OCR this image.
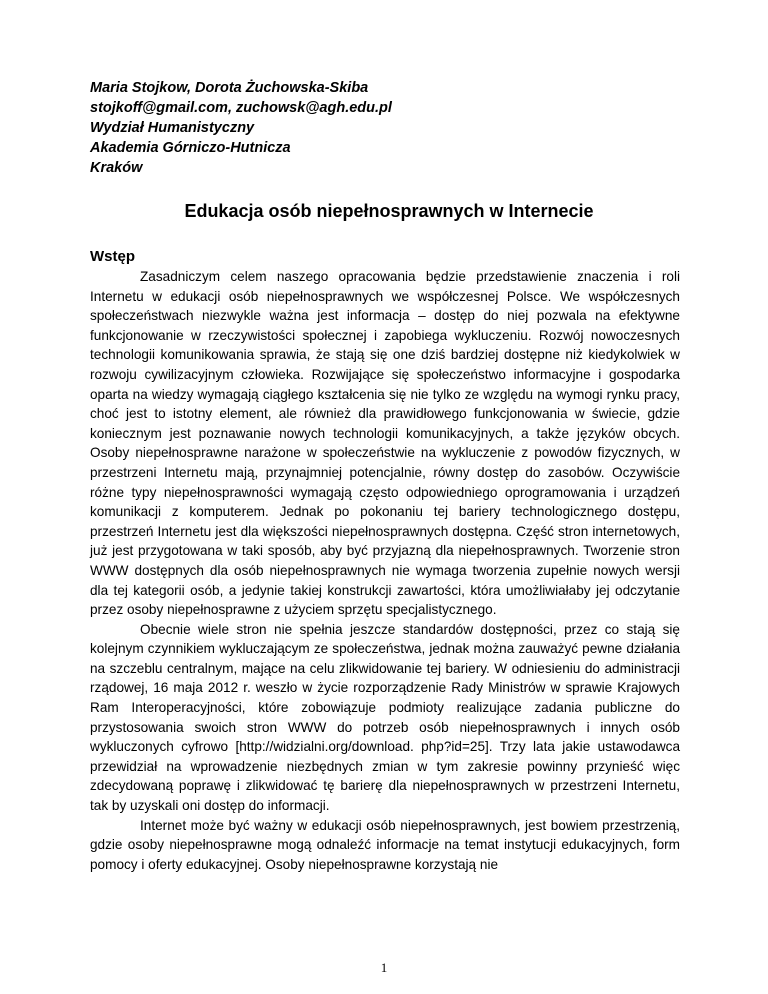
Maria Stojkow, Dorota Żuchowska-Skiba
stojkoff@gmail.com, zuchowsk@agh.edu.pl
Wydział Humanistyczny
Akademia Górniczo-Hutnicza
Kraków
Edukacja osób niepełnosprawnych w Internecie
Wstęp

Zasadniczym celem naszego opracowania będzie przedstawienie znaczenia i roli Internetu w edukacji osób niepełnosprawnych we współczesnej Polsce. We współczesnych społeczeństwach niezwykle ważna jest informacja – dostęp do niej pozwala na efektywne funkcjonowanie w rzeczywistości społecznej i zapobiega wykluczeniu. Rozwój nowoczesnych technologii komunikowania sprawia, że stają się one dziś bardziej dostępne niż kiedykolwiek w rozwoju cywilizacyjnym człowieka. Rozwijające się społeczeństwo informacyjne i gospodarka oparta na wiedzy wymagają ciągłego kształcenia się nie tylko ze względu na wymogi rynku pracy, choć jest to istotny element, ale również dla prawidłowego funkcjonowania w świecie, gdzie koniecznym jest poznawanie nowych technologii komunikacyjnych, a także języków obcych. Osoby niepełnosprawne narażone w społeczeństwie na wykluczenie z powodów fizycznych, w przestrzeni Internetu mają, przynajmniej potencjalnie, równy dostęp do zasobów. Oczywiście różne typy niepełnosprawności wymagają często odpowiedniego oprogramowania i urządzeń komunikacji z komputerem. Jednak po pokonaniu tej bariery technologicznego dostępu, przestrzeń Internetu jest dla większości niepełnosprawnych dostępna. Część stron internetowych, już jest przygotowana w taki sposób, aby być przyjazną dla niepełnosprawnych. Tworzenie stron WWW dostępnych dla osób niepełnosprawnych nie wymaga tworzenia zupełnie nowych wersji dla tej kategorii osób, a jedynie takiej konstrukcji zawartości, która umożliwiałaby jej odczytanie przez osoby niepełnosprawne z użyciem sprzętu specjalistycznego.

Obecnie wiele stron nie spełnia jeszcze standardów dostępności, przez co stają się kolejnym czynnikiem wykluczającym ze społeczeństwa, jednak można zauważyć pewne działania na szczeblu centralnym, mające na celu zlikwidowanie tej bariery. W odniesieniu do administracji rządowej, 16 maja 2012 r. weszło w życie rozporządzenie Rady Ministrów w sprawie Krajowych Ram Interoperacyjności, które zobowiązuje podmioty realizujące zadania publiczne do przystosowania swoich stron WWW do potrzeb osób niepełnosprawnych i innych osób wykluczonych cyfrowo [http://widzialni.org/download. php?id=25]. Trzy lata jakie ustawodawca przewidział na wprowadzenie niezbędnych zmian w tym zakresie powinny przynieść więc zdecydowaną poprawę i zlikwidować tę barierę dla niepełnosprawnych w przestrzeni Internetu, tak by uzyskali oni dostęp do informacji.

Internet może być ważny w edukacji osób niepełnosprawnych, jest bowiem przestrzenią, gdzie osoby niepełnosprawne mogą odnaleźć informacje na temat instytucji edukacyjnych, form pomocy i oferty edukacyjnej. Osoby niepełnosprawne korzystają nie

1
